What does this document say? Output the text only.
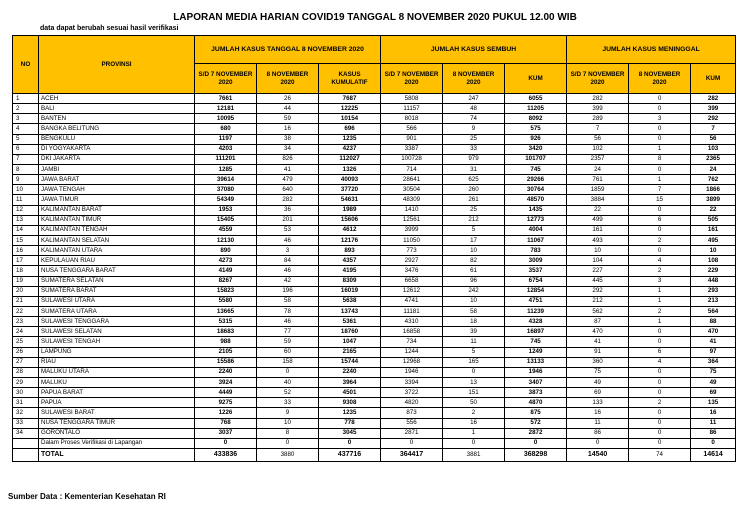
LAPORAN MEDIA HARIAN COVID19 TANGGAL 8 NOVEMBER 2020 PUKUL 12.00 WIB
data dapat berubah sesuai hasil verifikasi
NO	PROVINSI	JUMLAH KASUS TANGGAL 8 NOVEMBER 2020			JUMLAH KASUS SEMBUH			JUMLAH KASUS MENINGGAL		
		S/D 7 NOVEMBER 2020	8 NOVEMBER 2020	KASUS KUMULATIF	S/D 7 NOVEMBER 2020	8 NOVEMBER 2020	KUM	S/D 7 NOVEMBER 2020	8 NOVEMBER 2020	KUM
1	ACEH	7661	26	7687	5808	247	6055	282	0	282
2	BALI	12181	44	12225	11157	48	11205	399	0	399
3	BANTEN	10095	59	10154	8018	74	8092	289	3	292
4	BANGKA BELITUNG	680	16	696	566	9	575	7	0	7
5	BENGKULU	1197	38	1235	901	25	926	56	0	56
6	DI YOGYAKARTA	4203	34	4237	3387	33	3420	102	1	103
7	DKI JAKARTA	111201	826	112027	100728	979	101707	2357	8	2365
8	JAMBI	1285	41	1326	714	31	745	24	0	24
9	JAWA BARAT	39614	479	40093	28641	625	29266	761	1	762
10	JAWA TENGAH	37080	640	37720	30504	260	30764	1859	7	1866
11	JAWA TIMUR	54349	282	54631	48309	261	48570	3884	15	3899
12	KALIMANTAN BARAT	1953	36	1989	1410	25	1435	22	0	22
13	KALIMANTAN TIMUR	15405	201	15606	12561	212	12773	499	6	505
14	KALIMANTAN TENGAH	4559	53	4612	3999	5	4004	161	0	161
15	KALIMANTAN SELATAN	12130	46	12176	11050	17	11067	493	2	495
16	KALIMANTAN UTARA	890	3	893	773	10	783	10	0	10
17	KEPULAUAN RIAU	4273	84	4357	2927	82	3009	104	4	108
18	NUSA TENGGARA BARAT	4149	46	4195	3476	61	3537	227	2	229
19	SUMATERA SELATAN	8267	42	8309	6658	96	6754	445	3	448
20	SUMATERA BARAT	15823	196	16019	12612	242	12854	292	1	293
21	SULAWESI UTARA	5580	58	5638	4741	10	4751	212	1	213
22	SUMATERA UTARA	13665	78	13743	11181	58	11239	562	2	564
23	SULAWESI TENGGARA	5315	46	5361	4310	18	4328	87	1	88
24	SULAWESI SELATAN	18683	77	18760	16858	39	16897	470	0	470
25	SULAWESI TENGAH	988	59	1047	734	11	745	41	0	41
26	LAMPUNG	2105	60	2165	1244	5	1249	91	6	97
27	RIAU	15586	158	15744	12968	165	13133	360	4	364
28	MALUKU UTARA	2240	0	2240	1946	0	1946	75	0	75
29	MALUKU	3924	40	3964	3394	13	3407	49	0	49
30	PAPUA BARAT	4449	52	4501	3722	151	3873	69	0	69
31	PAPUA	9275	33	9308	4820	50	4870	133	2	135
32	SULAWESI BARAT	1226	9	1235	873	2	875	16	0	16
33	NUSA TENGGARA TIMUR	768	10	778	556	16	572	11	0	11
34	GORONTALO	3037	8	3045	2871	1	2872	86	0	86
	Dalam Proses Verifikasi di Lapangan	0	0	0	0	0	0	0	0	0
	TOTAL	433836	3880	437716	364417	3881	368298	14540	74	14614
Sumber Data : Kementerian Kesehatan RI
